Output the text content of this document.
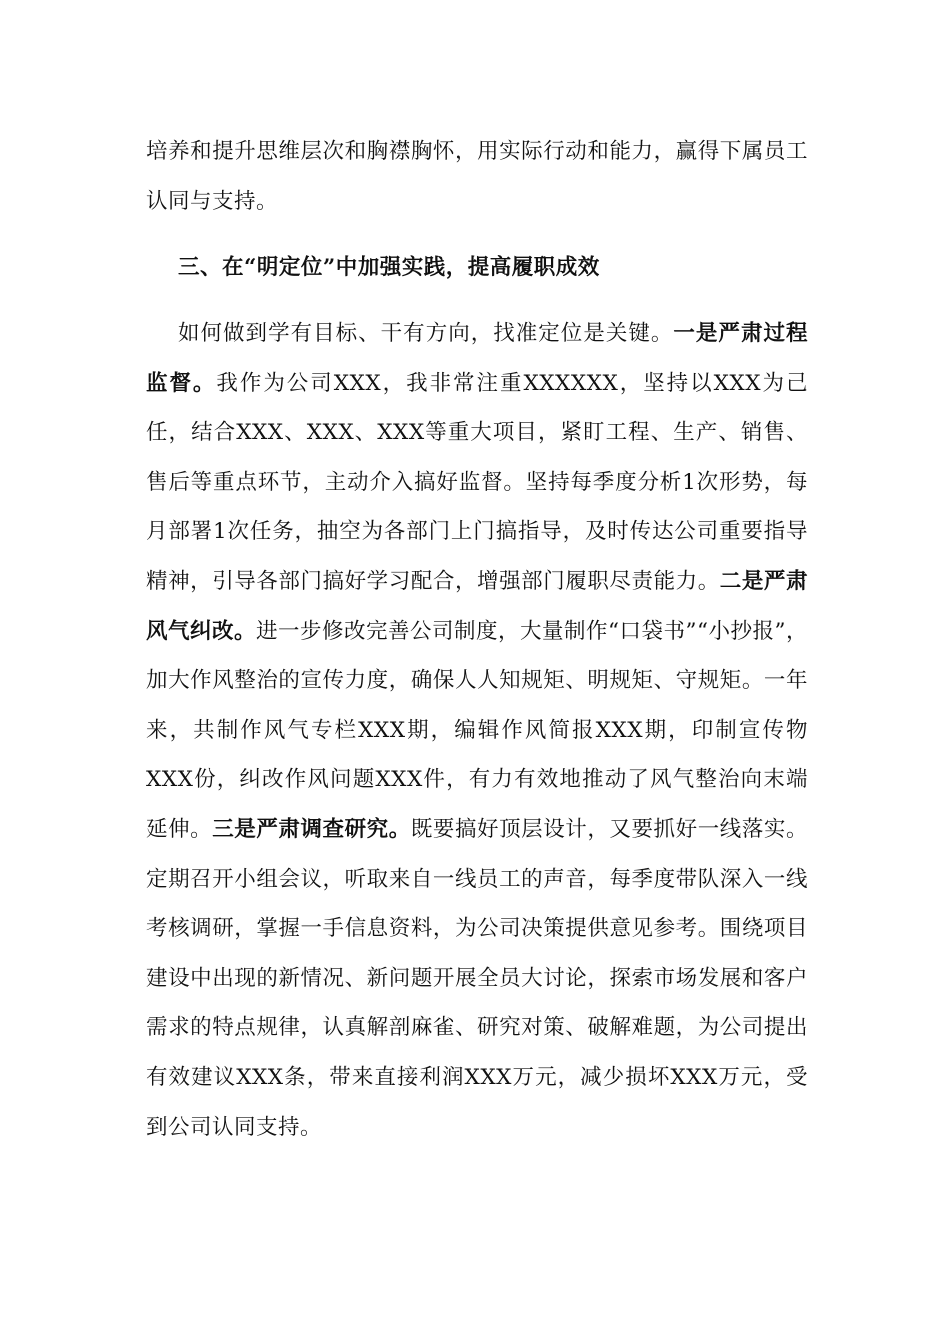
培养和提升思维层次和胸襟胸怀，用实际行动和能力，赢得下属员工认同与支持。

三、在“明定位”中加强实践，提高履职成效

如何做到学有目标、干有方向，找准定位是关键。一是严肃过程监督。我作为公司XXX，我非常注重XXXXXX，坚持以XXX为己任，结合XXX、XXX、XXX等重大项目，紧盯工程、生产、销售、售后等重点环节，主动介入搞好监督。坚持每季度分析1次形势，每月部署1次任务，抽空为各部门上门搞指导，及时传达公司重要指导精神，引导各部门搞好学习配合，增强部门履职尽责能力。二是严肃风气纠改。进一步修改完善公司制度，大量制作“口袋书”“小抄报”，加大作风整治的宣传力度，确保人人知规矩、明规矩、守规矩。一年来，共制作风气专栏XXX期，编辑作风简报XXX期，印制宣传物XXX份，纠改作风问题XXX件，有力有效地推动了风气整治向末端延伸。三是严肃调查研究。既要搞好顶层设计，又要抓好一线落实。定期召开小组会议，听取来自一线员工的声音，每季度带队深入一线考核调研，掌握一手信息资料，为公司决策提供意见参考。围绕项目建设中出现的新情况、新问题开展全员大讨论，探索市场发展和客户需求的特点规律，认真解剖麻雀、研究对策、破解难题，为公司提出有效建议XXX条，带来直接利润XXX万元，减少损坏XXX万元，受到公司认同支持。
